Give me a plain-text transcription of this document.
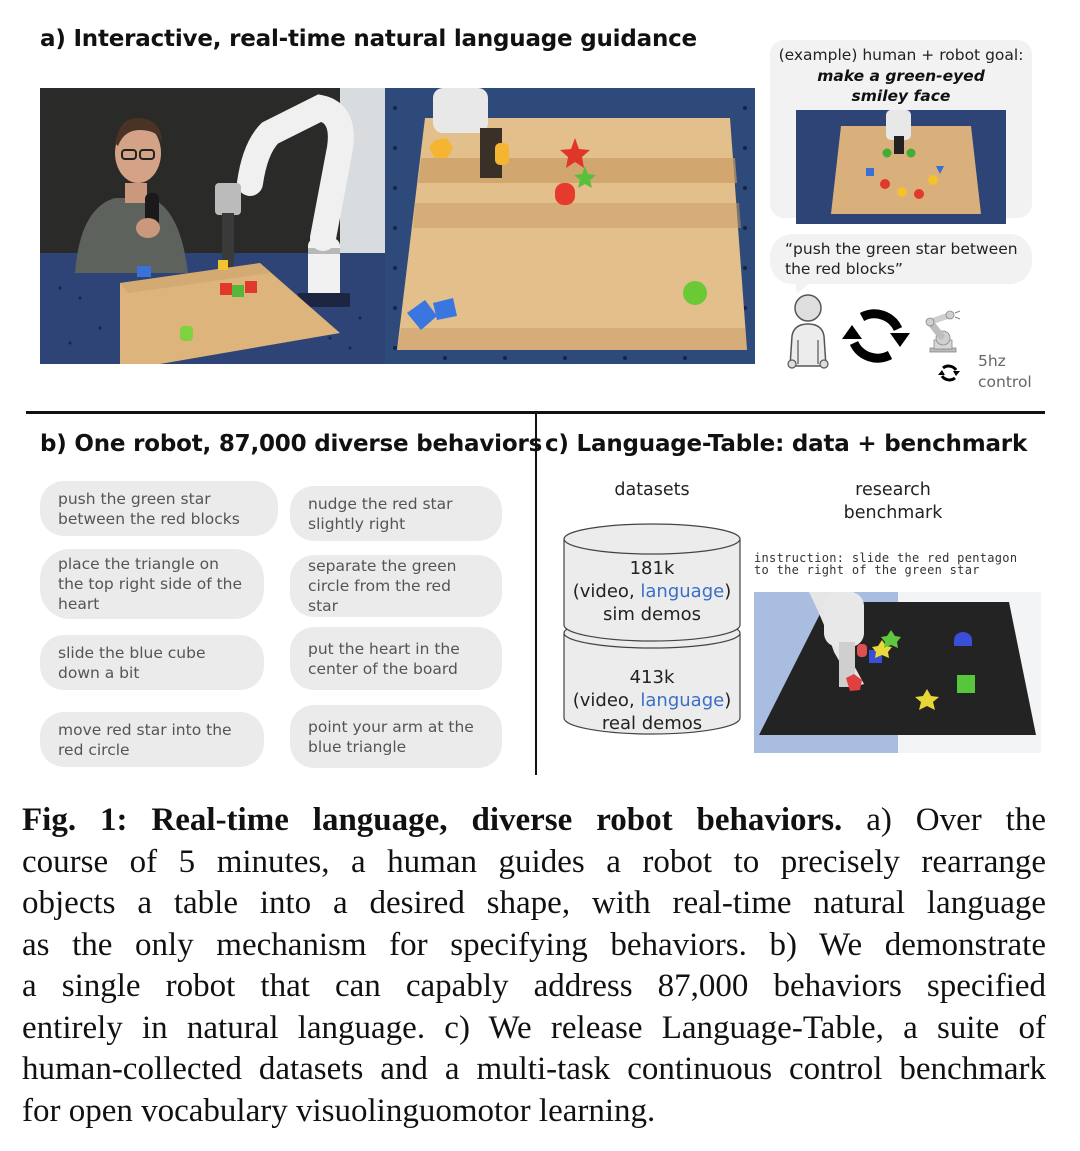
a) Interactive, real-time natural language guidance
(example) human + robot goal:
make a green-eyed
smiley face
“push the green star between
the red blocks”
5hz
control
b) One robot, 87,000 diverse behaviors
push the green star
between the red blocks
nudge the red star
slightly right
place the triangle on
the top right side of the
heart
separate the green
circle from the red star
slide the blue cube
down a bit
put the heart in the
center of the board
move red star into the
red circle
point your arm at the
blue triangle
c) Language-Table: data + benchmark
datasets	research
benchmark
181k
(video, language)
sim demos
413k
(video, language)
real demos
instruction: slide the red pentagon
to the right of the green star
Fig. 1: Real-time language, diverse robot behaviors. a) Over the
course of 5 minutes, a human guides a robot to precisely rearrange
objects a table into a desired shape, with real-time natural language
as the only mechanism for specifying behaviors. b) We demonstrate
a single robot that can capably address 87,000 behaviors specified
entirely in natural language. c) We release Language-Table, a suite of
human-collected datasets and a multi-task continuous control benchmark
for open vocabulary visuolinguomotor learning.
